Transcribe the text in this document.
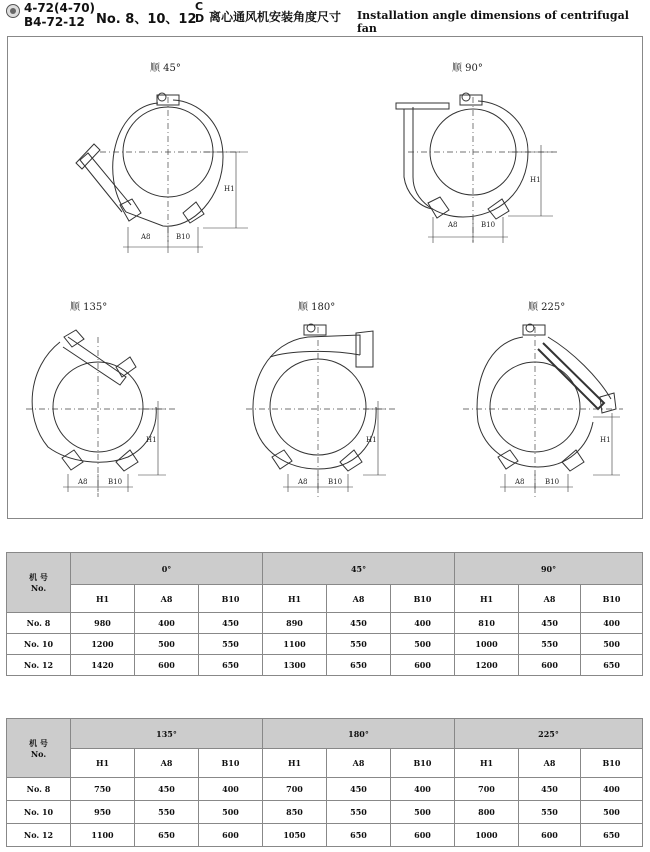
4-72(4-70)
B4-72-12 No. 8、10、12
C
D 离心通风机安装角度尺寸 Installation angle dimensions of centrifugal fan
顺 45°
H1
A8	B10
顺 90°
H1
A8	B10
顺 135°
H1
A8	B10
顺 180°
H1
A8	B10
顺 225°
H1
A8	B10
机 号
No.	0°			45°			90°		
	H1	A8	B10	H1	A8	B10	H1	A8	B10
No. 8	980	400	450	890	450	400	810	450	400
No. 10	1200	500	550	1100	550	500	1000	550	500
No. 12	1420	600	650	1300	650	600	1200	600	650
机 号
No.	135°			180°			225°		
	H1	A8	B10	H1	A8	B10	H1	A8	B10
No. 8	750	450	400	700	450	400	700	450	400
No. 10	950	550	500	850	550	500	800	550	500
No. 12	1100	650	600	1050	650	600	1000	600	650
